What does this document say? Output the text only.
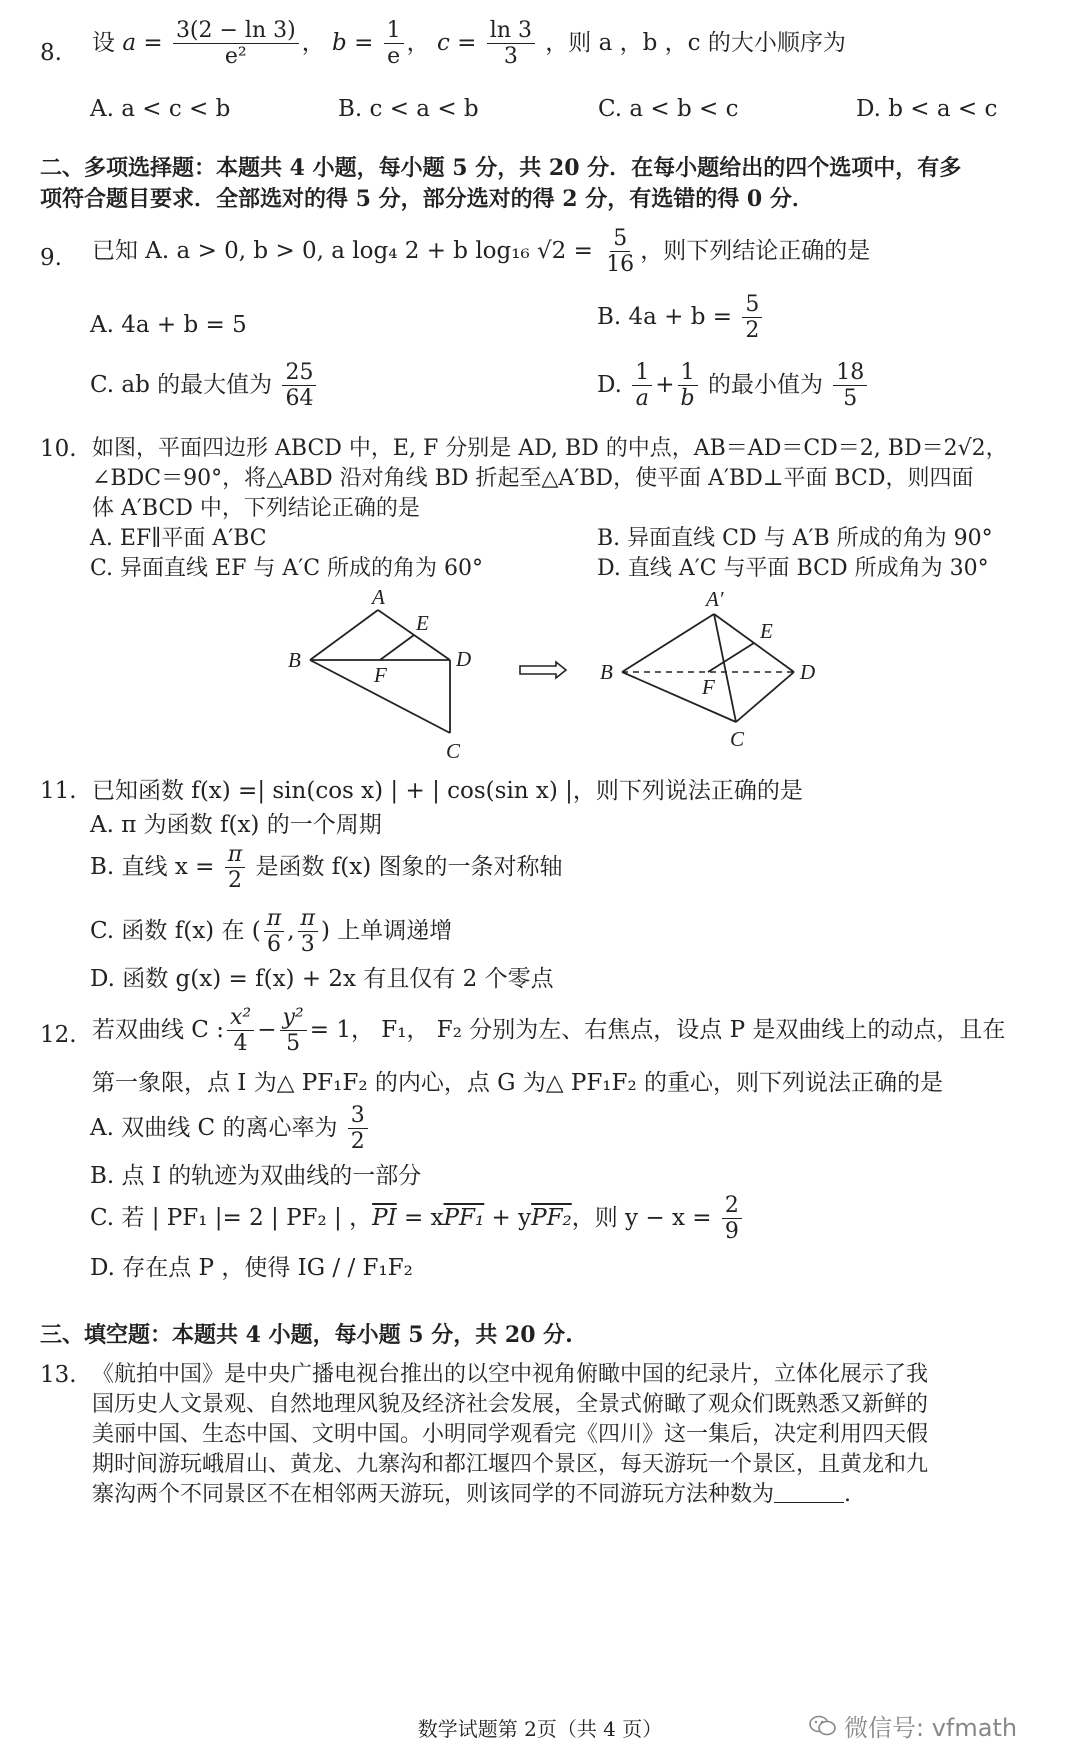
8. 设 $a = \frac{3(2 - \ln 3)}{\text{e²}}$ ， $b = \frac{1}{e}$ ， $c = \frac{\ln 3}{3}$ ，则 a ，b ，c 的大小顺序为
A. a < c < b	B. c < a < b	C. a < b < c	D. b < a < c
二、多项选择题：本题共 4 小题，每小题 5 分，共 20 分．在每小题给出的四个选项中，有多
项符合题目要求．全部选对的得 5 分，部分选对的得 2 分，有选错的得 0 分．
9. 已知 A. a > 0, b > 0, a log₄ 2 + b log₁₆ $√2 = \frac{5}{16}$ ，则下列结论正确的是
A. 4a + b = 5	B. $4a + b = \frac{5}{2}$
C. ab 的最大值为 $\frac{25}{64}$	D. $\frac{1}{a} + \frac{1}{b}$ 的最小值为 $\frac{18}{5}$
10. 如图，平面四边形 ABCD 中，E, F 分别是 AD, BD 的中点，AB＝AD＝CD＝2, BD＝2√2，
∠BDC＝90°，将△ABD 沿对角线 BD 折起至△A′BD，使平面 A′BD⊥平面 BCD，则四面
体 A′BCD 中，下列结论正确的是
A. EF∥平面 A′BC	B. 异面直线 CD 与 A′B 所成的角为 90°
C. 异面直线 EF 与 A′C 所成的角为 60°	D. 直线 A′C 与平面 BCD 所成角为 30°
A
B
C
D
E
F
A′
B
C
D
E
F
11. 已知函数 f(x) =| sin(cos x) | + | cos(sin x) |，则下列说法正确的是
A. π 为函数 f(x) 的一个周期
B. 直线 $x = \frac{\pi}{2}$ 是函数 f(x) 图象的一条对称轴
C. 函数 f(x) 在 ( $\frac{\pi}{6}$ , $\frac{\pi}{3}$ ) 上单调递增
D. 函数 g(x) = f(x) + 2x 有且仅有 2 个零点
12. 若双曲线 C : $\frac{\text{x²}}{4} - \frac{\text{y²}}{5} = 1$， F₁， F₂ 分别为左、右焦点，设点 P 是双曲线上的动点，且在
第一象限，点 I 为△ PF₁F₂ 的内心，点 G 为△ PF₁F₂ 的重心，则下列说法正确的是
A. 双曲线 C 的离心率为 $\frac{3}{2}$
B. 点 I 的轨迹为双曲线的一部分
C. 若 | PF₁ |= 2 | PF₂ | ，$\overline{PI} = xPF_1 + yPF_2$，则 $y - x = \frac{2}{9}$
D. 存在点 P ，使得 IG / / F₁F₂
三、填空题：本题共 4 小题，每小题 5 分，共 20 分.
13. 《航拍中国》是中央广播电视台推出的以空中视角俯瞰中国的纪录片，立体化展示了我
国历史人文景观、自然地理风貌及经济社会发展，全景式俯瞰了观众们既熟悉又新鲜的
美丽中国、生态中国、文明中国。小明同学观看完《四川》这一集后，决定利用四天假
期时间游玩峨眉山、黄龙、九寨沟和都江堰四个景区，每天游玩一个景区，且黄龙和九
寨沟两个不同景区不在相邻两天游玩，则该同学的不同游玩方法种数为	.
数学试题第 2页（共 4 页）	微信号: vfmath
